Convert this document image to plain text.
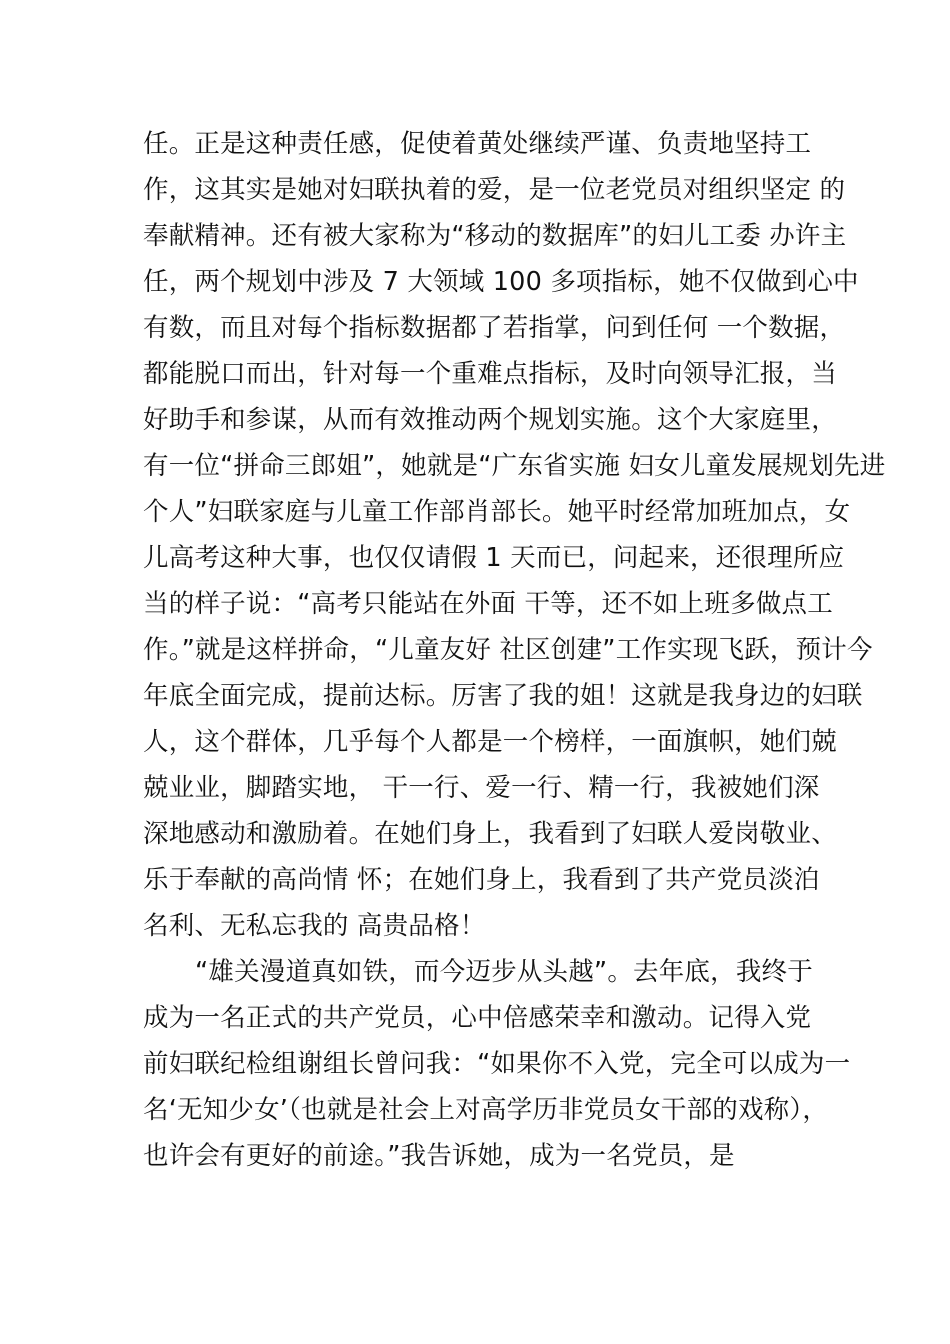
任。正是这种责任感，促使着黄处继续严谨、负责地坚持工
作，这其实是她对妇联执着的爱，是一位老党员对组织坚定 的
奉献精神。还有被大家称为“移动的数据库”的妇儿工委 办许主
任，两个规划中涉及 7 大领域 100 多项指标，她不仅做到心中
有数，而且对每个指标数据都了若指掌，问到任何 一个数据，
都能脱口而出，针对每一个重难点指标，及时向领导汇报，当
好助手和参谋，从而有效推动两个规划实施。这个大家庭里，
有一位“拼命三郎姐”，她就是“广东省实施 妇女儿童发展规划先进
个人”妇联家庭与儿童工作部肖部长。她平时经常加班加点，女
儿高考这种大事，也仅仅请假 1 天而已，问起来，还很理所应
当的样子说：“高考只能站在外面 干等，还不如上班多做点工
作。”就是这样拼命，“儿童友好 社区创建”工作实现飞跃，预计今
年底全面完成，提前达标。厉害了我的姐！这就是我身边的妇联
人，这个群体，几乎每个人都是一个榜样，一面旗帜，她们兢
兢业业，脚踏实地， 干一行、爱一行、精一行，我被她们深
深地感动和激励着。在她们身上，我看到了妇联人爱岗敬业、
乐于奉献的高尚情 怀；在她们身上，我看到了共产党员淡泊
名利、无私忘我的 高贵品格！
“雄关漫道真如铁，而今迈步从头越”。去年底，我终于
成为一名正式的共产党员，心中倍感荣幸和激动。记得入党
前妇联纪检组谢组长曾问我：“如果你不入党，完全可以成为一
名‘无知少女’（也就是社会上对高学历非党员女干部的戏称），
也许会有更好的前途。”我告诉她，成为一名党员，是
